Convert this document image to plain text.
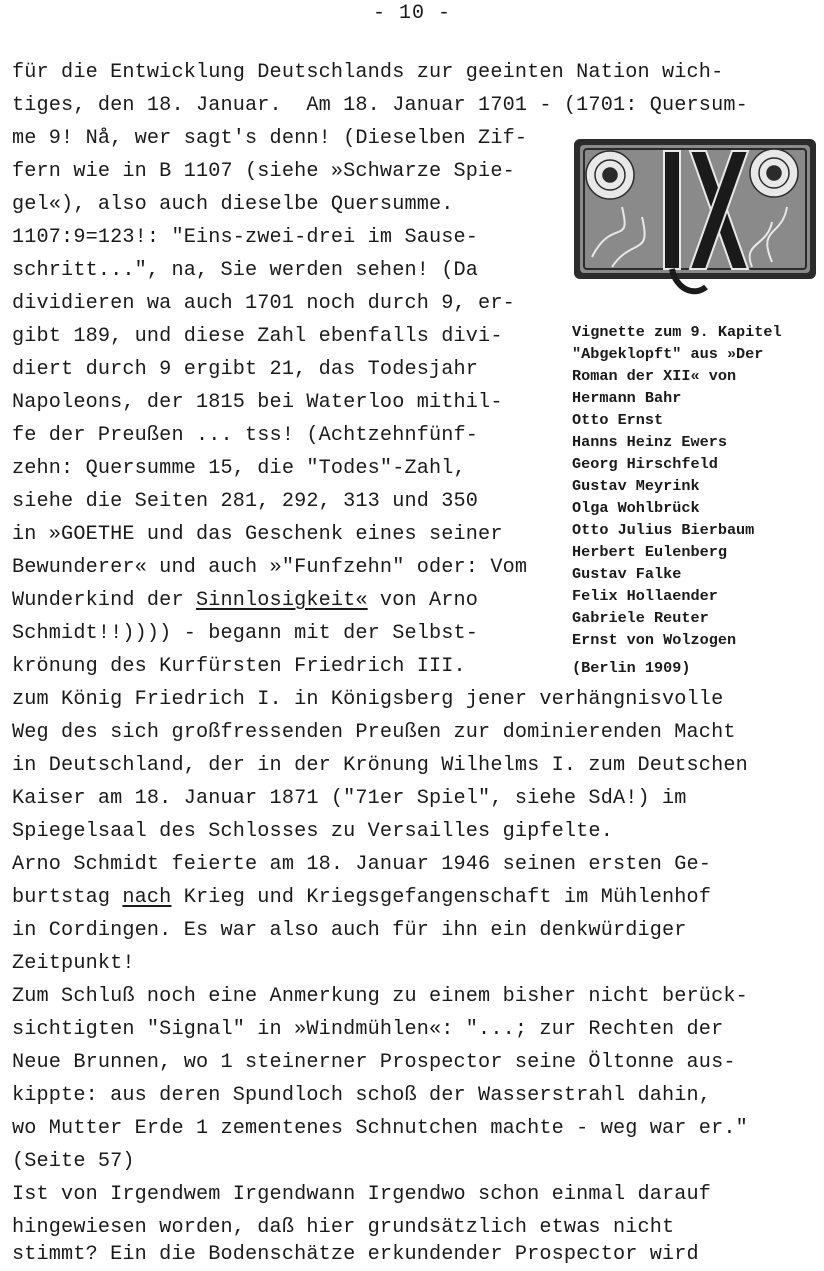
- 10 -
für die Entwicklung Deutschlands zur geeinten Nation wich-
tiges, den 18. Januar.  Am 18. Januar 1701 - (1701: Quersum-
me 9! Nå, wer sagt's denn! (Dieselben Zif-
fern wie in B 1107 (siehe »Schwarze Spie-
gel«), also auch dieselbe Quersumme.
1107:9=123!: "Eins-zwei-drei im Sause-
schritt...", na, Sie werden sehen! (Da
dividieren wa auch 1701 noch durch 9, er-
gibt 189, und diese Zahl ebenfalls divi-
diert durch 9 ergibt 21, das Todesjahr
Napoleons, der 1815 bei Waterloo mithil-
fe der Preußen ... tss! (Achtzehnfünf-
zehn: Quersumme 15, die "Todes"-Zahl,
siehe die Seiten 281, 292, 313 und 350
in »GOETHE und das Geschenk eines seiner
Bewunderer« und auch »"Funfzehn" oder: Vom
Wunderkind der Sinnlosigkeit« von Arno
Schmidt!!)))) - begann mit der Selbst-
krönung des Kurfürsten Friedrich III.
zum König Friedrich I. in Königsberg jener verhängnisvolle
Weg des sich großfressenden Preußen zur dominierenden Macht
in Deutschland, der in der Krönung Wilhelms I. zum Deutschen
Kaiser am 18. Januar 1871 ("71er Spiel", siehe SdA!) im
Spiegelsaal des Schlosses zu Versailles gipfelte.
Arno Schmidt feierte am 18. Januar 1946 seinen ersten Ge-
burtstag nach Krieg und Kriegsgefangenschaft im Mühlenhof
in Cordingen. Es war also auch für ihn ein denkwürdiger
Zeitpunkt!
Zum Schluß noch eine Anmerkung zu einem bisher nicht berück-
sichtigten "Signal" in »Windmühlen«: "...; zur Rechten der
Neue Brunnen, wo 1 steinerner Prospector seine Öltonne aus-
kippte: aus deren Spundloch schoß der Wasserstrahl dahin,
wo Mutter Erde 1 zementenes Schnutchen machte - weg war er."
(Seite 57)
Ist von Irgendwem Irgendwann Irgendwo schon einmal darauf
hingewiesen worden, daß hier grundsätzlich etwas nicht
stimmt? Ein die Bodenschätze erkundender Prospector wird
Vignette zum 9. Kapitel
"Abgeklopft" aus »Der
Roman der XII« von
Hermann Bahr
Otto Ernst
Hanns Heinz Ewers
Georg Hirschfeld
Gustav Meyrink
Olga Wohlbrück
Otto Julius Bierbaum
Herbert Eulenberg
Gustav Falke
Felix Hollaender
Gabriele Reuter
Ernst von Wolzogen
(Berlin 1909)
